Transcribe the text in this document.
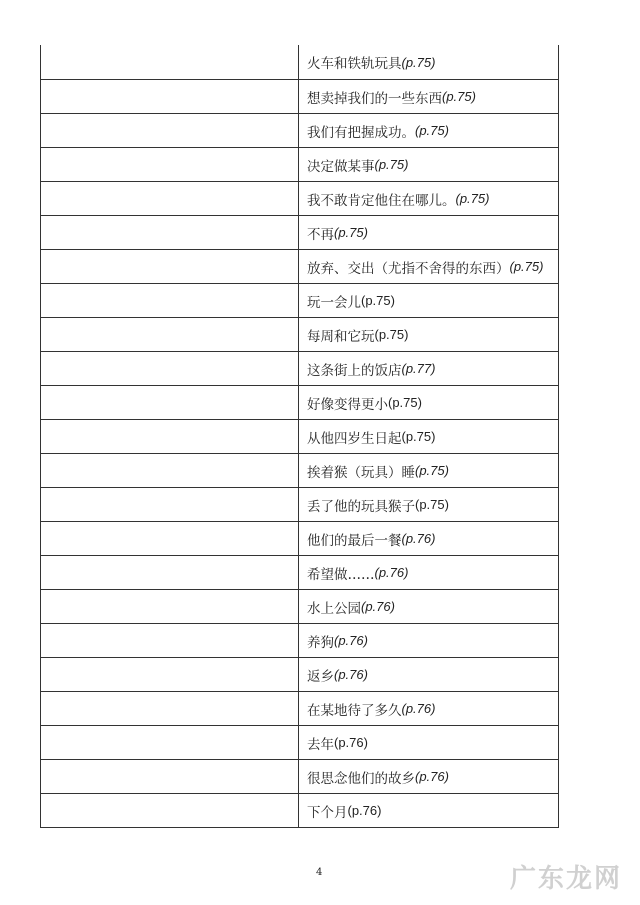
火车和铁轨玩具 (p.75)
想卖掉我们的一些东西 (p.75)
我们有把握成功。 (p.75)
决定做某事 (p.75)
我不敢肯定他住在哪儿。 (p.75)
不再 (p.75)
放弃、交出（尤指不舍得的东西） (p.75)
玩一会儿 (p.75)
每周和它玩 (p.75)
这条街上的饭店 (p.77)
好像变得更小 (p.75)
从他四岁生日起 (p.75)
挨着猴（玩具）睡 (p.75)
丢了他的玩具猴子 (p.75)
他们的最后一餐 (p.76)
希望做…… (p.76)
水上公园 (p.76)
养狗 (p.76)
返乡 (p.76)
在某地待了多久 (p.76)
去年 (p.76)
很思念他们的故乡 (p.76)
下个月 (p.76)
4	广东龙网
